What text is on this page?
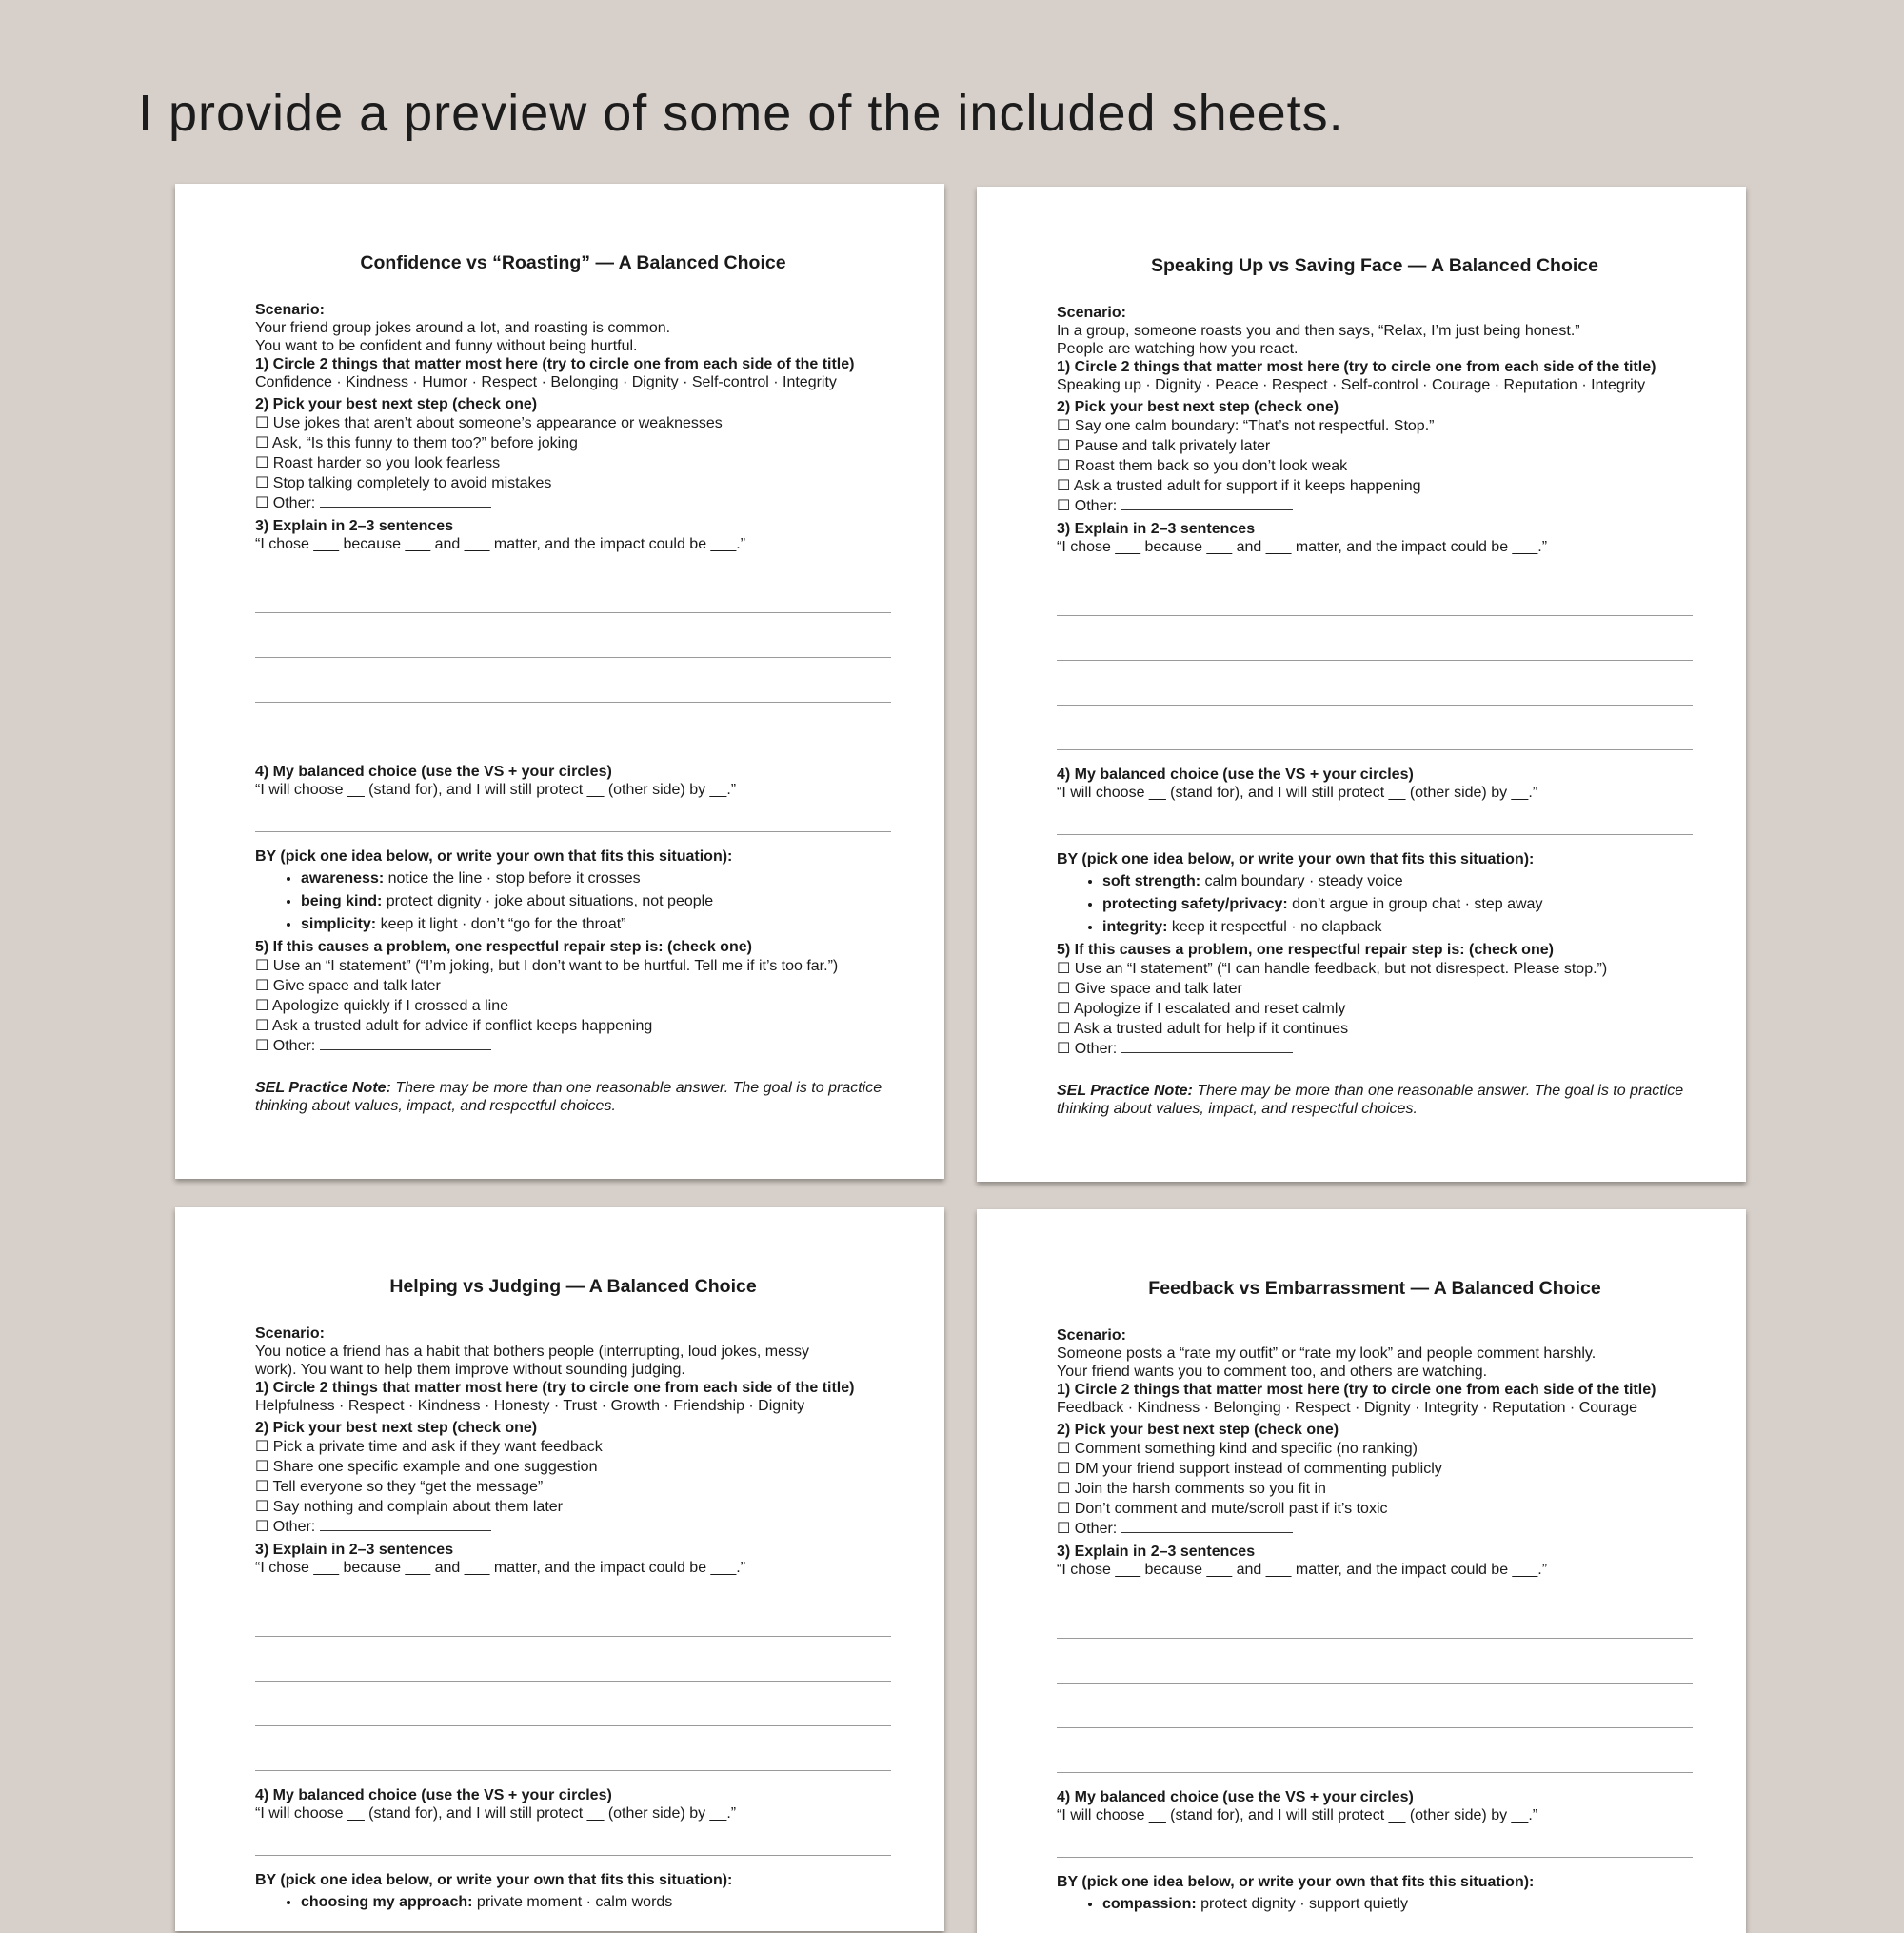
I provide a preview of some of the included sheets.
Confidence vs “Roasting” — A Balanced Choice
Scenario:
Your friend group jokes around a lot, and roasting is common.
You want to be confident and funny without being hurtful.
1) Circle 2 things that matter most here (try to circle one from each side of the title)
Confidence · Kindness · Humor · Respect · Belonging · Dignity · Self-control · Integrity
2) Pick your best next step (check one)
☐ Use jokes that aren’t about someone’s appearance or weaknesses
☐ Ask, “Is this funny to them too?” before joking
☐ Roast harder so you look fearless
☐ Stop talking completely to avoid mistakes
☐ Other:
3) Explain in 2–3 sentences
“I chose ___ because ___ and ___ matter, and the impact could be ___.”
4) My balanced choice (use the VS + your circles)
“I will choose __ (stand for), and I will still protect __ (other side) by __.”
BY (pick one idea below, or write your own that fits this situation):
• awareness: notice the line · stop before it crosses
• being kind: protect dignity · joke about situations, not people
• simplicity: keep it light · don’t “go for the throat”
5) If this causes a problem, one respectful repair step is: (check one)
☐ Use an “I statement” (“I’m joking, but I don’t want to be hurtful. Tell me if it’s too far.”)
☐ Give space and talk later
☐ Apologize quickly if I crossed a line
☐ Ask a trusted adult for advice if conflict keeps happening
☐ Other:
SEL Practice Note: There may be more than one reasonable answer. The goal is to practice thinking about values, impact, and respectful choices.
Speaking Up vs Saving Face — A Balanced Choice
Scenario:
In a group, someone roasts you and then says, “Relax, I’m just being honest.”
People are watching how you react.
1) Circle 2 things that matter most here (try to circle one from each side of the title)
Speaking up · Dignity · Peace · Respect · Self-control · Courage · Reputation · Integrity
2) Pick your best next step (check one)
☐ Say one calm boundary: “That’s not respectful. Stop.”
☐ Pause and talk privately later
☐ Roast them back so you don’t look weak
☐ Ask a trusted adult for support if it keeps happening
☐ Other:
3) Explain in 2–3 sentences
“I chose ___ because ___ and ___ matter, and the impact could be ___.”
4) My balanced choice (use the VS + your circles)
“I will choose __ (stand for), and I will still protect __ (other side) by __.”
BY (pick one idea below, or write your own that fits this situation):
• soft strength: calm boundary · steady voice
• protecting safety/privacy: don’t argue in group chat · step away
• integrity: keep it respectful · no clapback
5) If this causes a problem, one respectful repair step is: (check one)
☐ Use an “I statement” (“I can handle feedback, but not disrespect. Please stop.”)
☐ Give space and talk later
☐ Apologize if I escalated and reset calmly
☐ Ask a trusted adult for help if it continues
☐ Other:
SEL Practice Note: There may be more than one reasonable answer. The goal is to practice thinking about values, impact, and respectful choices.
Helping vs Judging — A Balanced Choice
Scenario:
You notice a friend has a habit that bothers people (interrupting, loud jokes, messy
work). You want to help them improve without sounding judging.
1) Circle 2 things that matter most here (try to circle one from each side of the title)
Helpfulness · Respect · Kindness · Honesty · Trust · Growth · Friendship · Dignity
2) Pick your best next step (check one)
☐ Pick a private time and ask if they want feedback
☐ Share one specific example and one suggestion
☐ Tell everyone so they “get the message”
☐ Say nothing and complain about them later
☐ Other:
3) Explain in 2–3 sentences
“I chose ___ because ___ and ___ matter, and the impact could be ___.”
4) My balanced choice (use the VS + your circles)
“I will choose __ (stand for), and I will still protect __ (other side) by __.”
BY (pick one idea below, or write your own that fits this situation):
• choosing my approach: private moment · calm words
Feedback vs Embarrassment — A Balanced Choice
Scenario:
Someone posts a “rate my outfit” or “rate my look” and people comment harshly.
Your friend wants you to comment too, and others are watching.
1) Circle 2 things that matter most here (try to circle one from each side of the title)
Feedback · Kindness · Belonging · Respect · Dignity · Integrity · Reputation · Courage
2) Pick your best next step (check one)
☐ Comment something kind and specific (no ranking)
☐ DM your friend support instead of commenting publicly
☐ Join the harsh comments so you fit in
☐ Don’t comment and mute/scroll past if it’s toxic
☐ Other:
3) Explain in 2–3 sentences
“I chose ___ because ___ and ___ matter, and the impact could be ___.”
4) My balanced choice (use the VS + your circles)
“I will choose __ (stand for), and I will still protect __ (other side) by __.”
BY (pick one idea below, or write your own that fits this situation):
• compassion: protect dignity · support quietly
